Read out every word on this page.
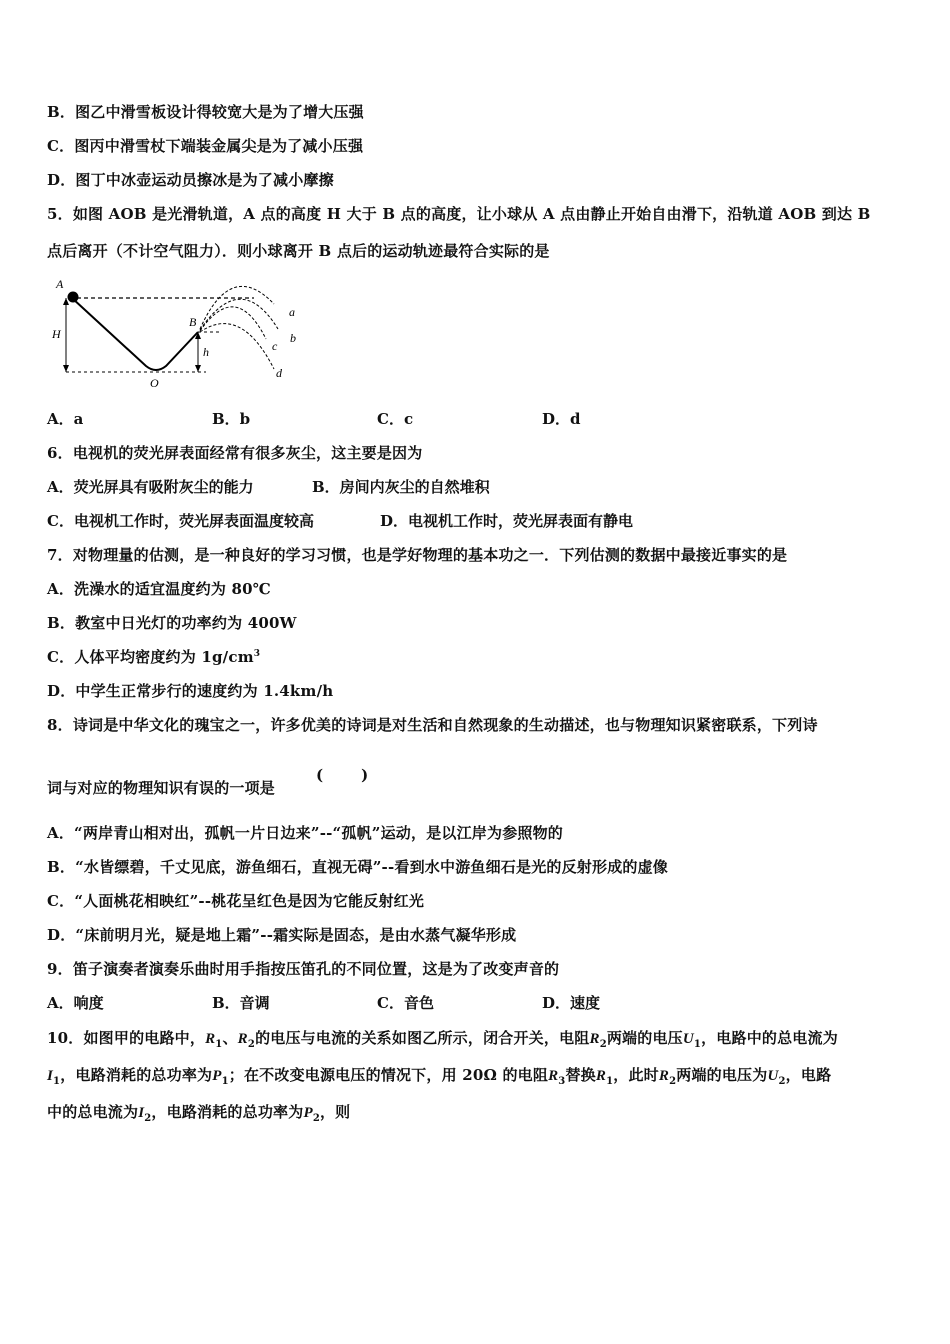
B．图乙中滑雪板设计得较宽大是为了增大压强
C．图丙中滑雪杖下端装金属尖是为了减小压强
D．图丁中冰壶运动员擦冰是为了减小摩擦
5．如图 AOB 是光滑轨道，A 点的高度 H 大于 B 点的高度，让小球从 A 点由静止开始自由滑下，沿轨道 AOB 到达 B
点后离开（不计空气阻力）．则小球离开 B 点后的运动轨迹最符合实际的是
A
H
B
h
O
a
b
c
d
A．a	B．b	C．c	D．d
6．电视机的荧光屏表面经常有很多灰尘，这主要是因为
A．荧光屏具有吸附灰尘的能力	B．房间内灰尘的自然堆积
C．电视机工作时，荧光屏表面温度较高	D．电视机工作时，荧光屏表面有静电
7．对物理量的估测，是一种良好的学习习惯，也是学好物理的基本功之一．下列估测的数据中最接近事实的是
A．洗澡水的适宜温度约为 80℃
B．教室中日光灯的功率约为 400W
C．人体平均密度约为 $1g/cm^3$
D．中学生正常步行的速度约为 1.4km/h
8．诗词是中华文化的瑰宝之一，许多优美的诗词是对生活和自然现象的生动描述，也与物理知识紧密联系，下列诗
词与对应的物理知识有误的一项是
(	)
A．“两岸青山相对出，孤帆一片日边来”--“孤帆”运动，是以江岸为参照物的
B．“水皆缥碧，千丈见底，游鱼细石，直视无碍”--看到水中游鱼细石是光的反射形成的虚像
C．“人面桃花相映红”--桃花呈红色是因为它能反射红光
D．“床前明月光，疑是地上霜”--霜实际是固态，是由水蒸气凝华形成
9．笛子演奏者演奏乐曲时用手指按压笛孔的不同位置，这是为了改变声音的
A．响度	B．音调	C．音色	D．速度
10．如图甲的电路中，$R_1$、$R_2$的电压与电流的关系如图乙所示，闭合开关，电阻$R_2$两端的电压$U_1$，电路中的总电流为
$I_1$，电路消耗的总功率为$P_1$；在不改变电源电压的情况下，用 20Ω 的电阻$R_3$替换$R_1$，此时$R_2$两端的电压为$U_2$，电路
中的总电流为$I_2$，电路消耗的总功率为$P_2$，则
